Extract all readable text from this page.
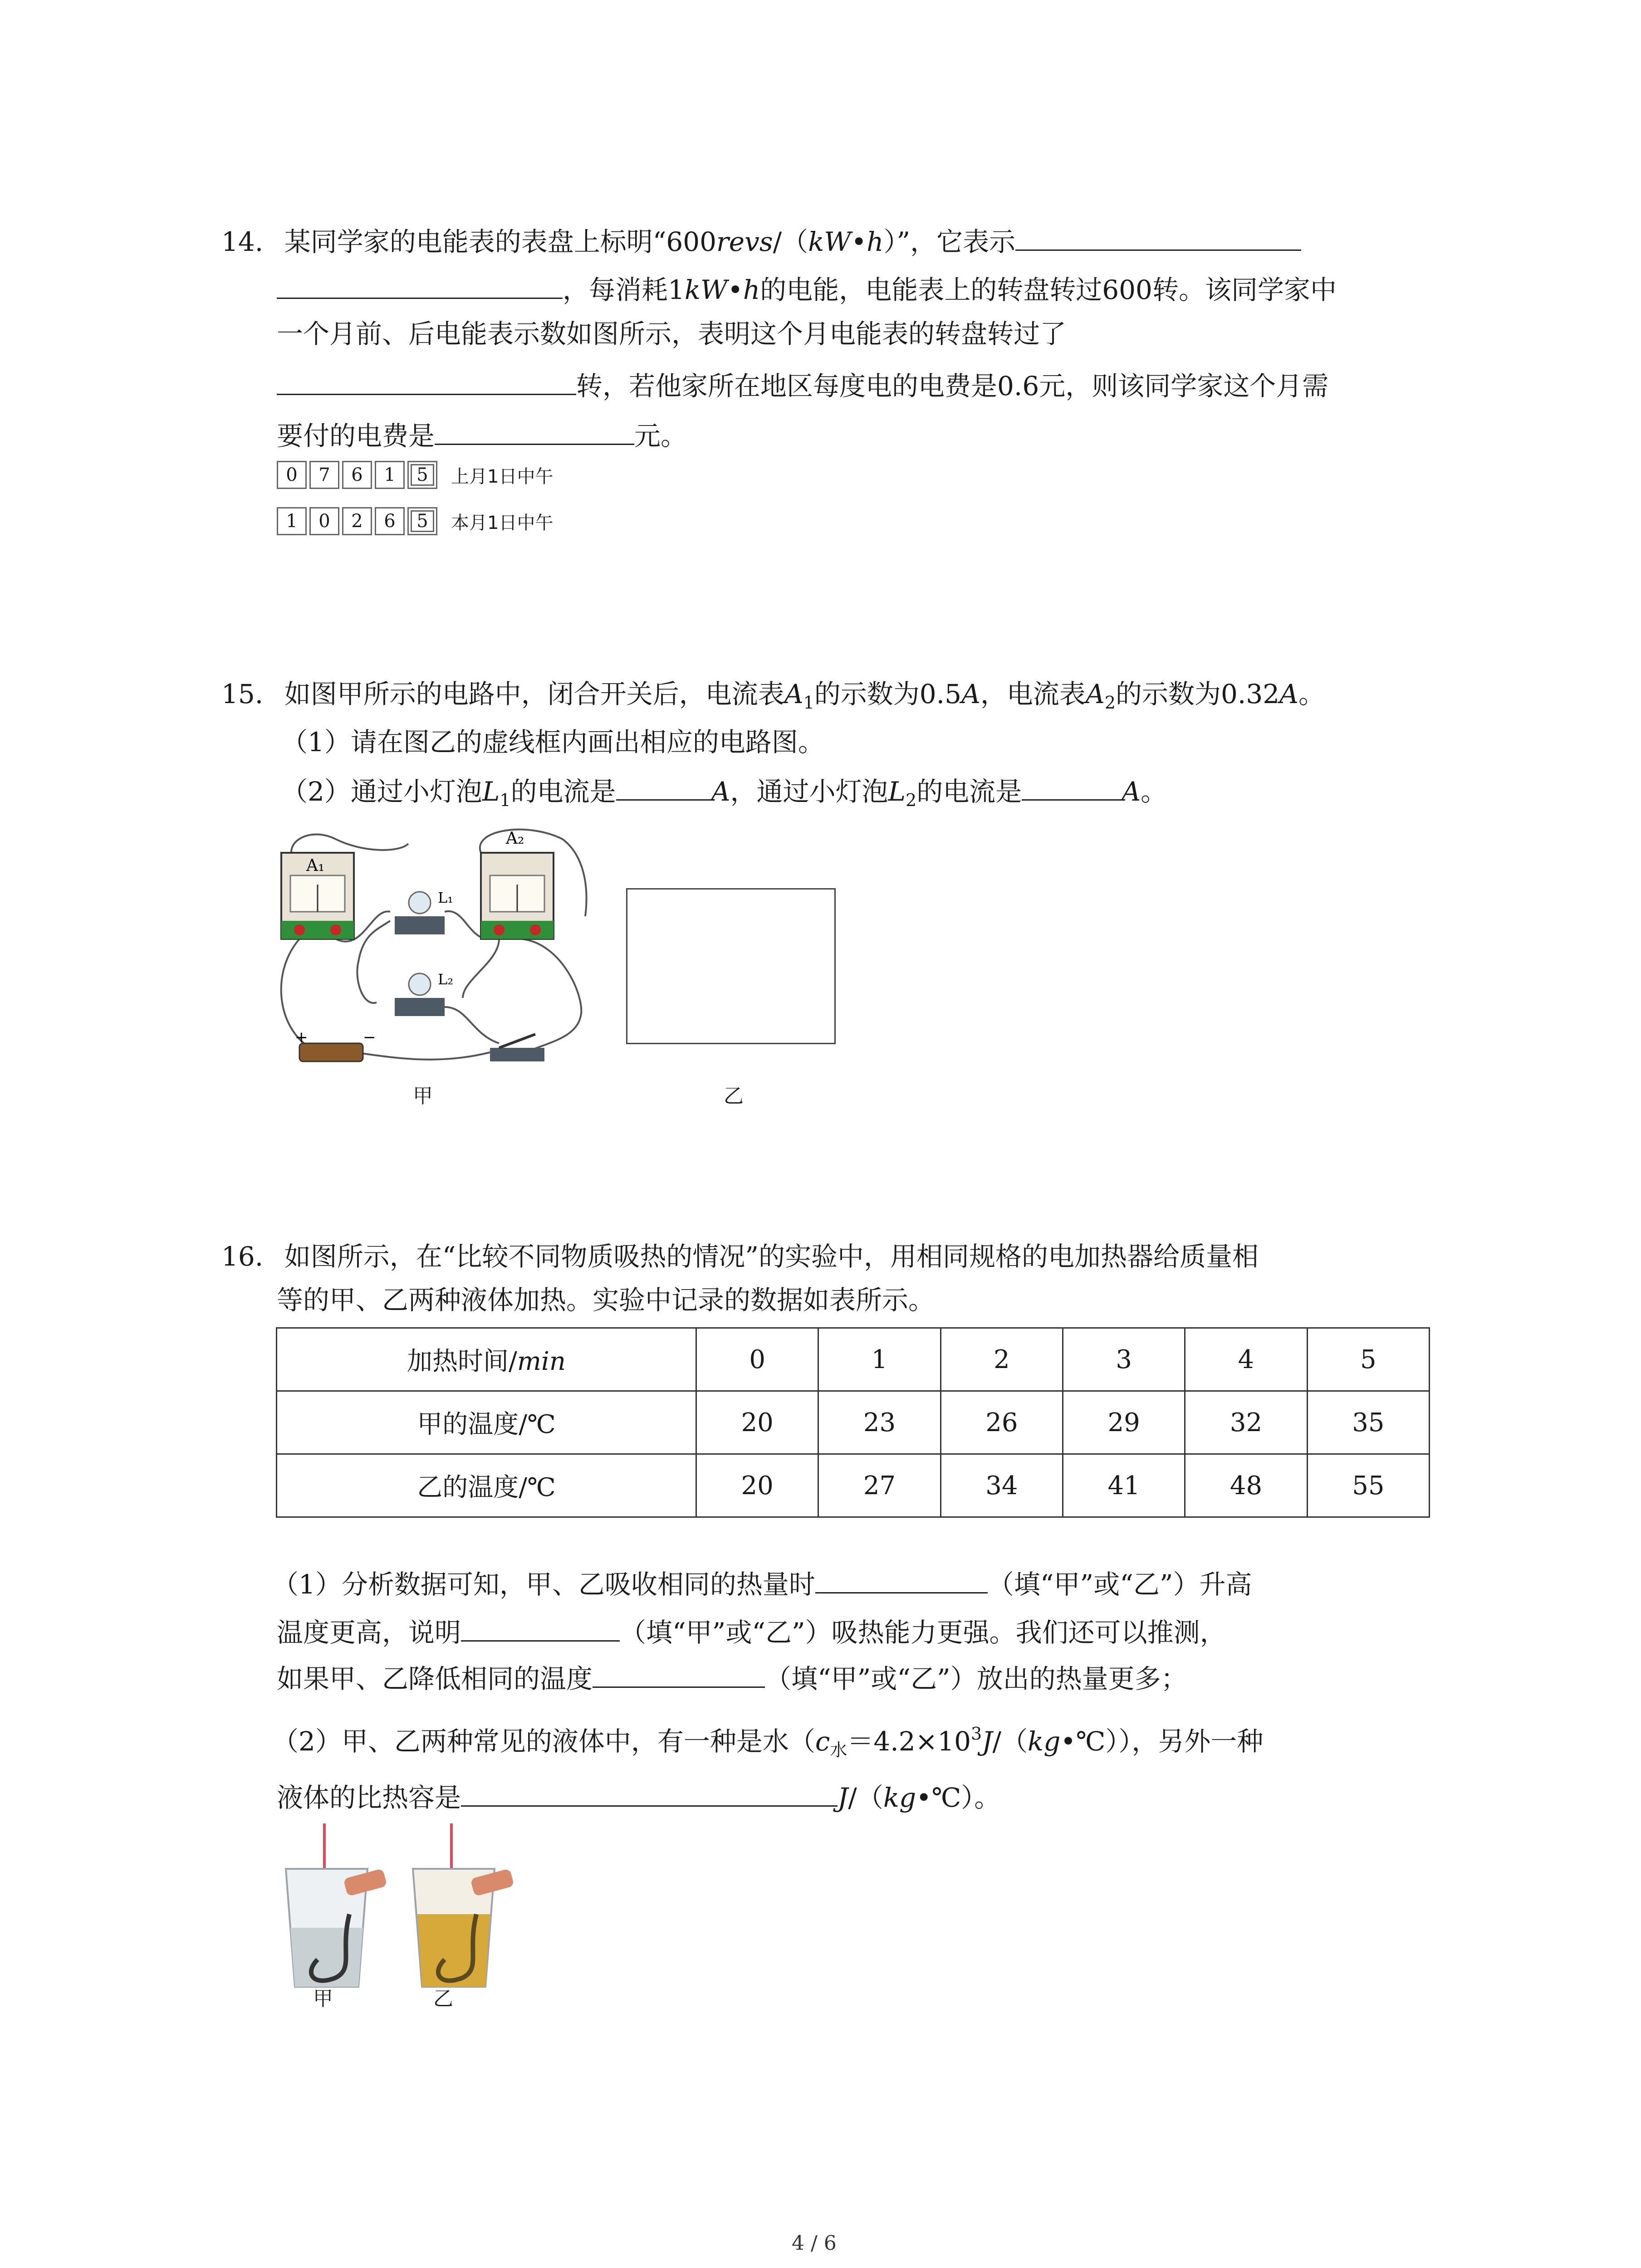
14. 某同学家的电能表的表盘上标明“600revs/（kW•h）”，它表示
，每消耗1kW•h的电能，电能表上的转盘转过600转。该同学家中
一个月前、后电能表示数如图所示，表明这个月电能表的转盘转过了
转，若他家所在地区每度电的电费是0.6元，则该同学家这个月需
要付的电费是	元。
0	7	6	1	5	上月1日中午
1	0	2	6	5	本月1日中午
15. 如图甲所示的电路中，闭合开关后，电流表$A_1$的示数为0.5A，电流表$A_2$的示数为0.32A。
（1）请在图乙的虚线框内画出相应的电路图。
（2）通过小灯泡$L_1$的电流是	A，通过小灯泡$L_2$的电流是	A。
A₁
A₂
L₁
L₂
+	−
甲	乙
16. 如图所示，在“比较不同物质吸热的情况”的实验中，用相同规格的电加热器给质量相
等的甲、乙两种液体加热。实验中记录的数据如表所示。
加热时间/min	0	1	2	3	4	5
甲的温度/℃	20	23	26	29	32	35
乙的温度/℃	20	27	34	41	48	55
（1）分析数据可知，甲、乙吸收相同的热量时	（填“甲”或“乙”）升高
温度更高，说明	（填“甲”或“乙”）吸热能力更强。我们还可以推测，
如果甲、乙降低相同的温度	（填“甲”或“乙”）放出的热量更多；
（2）甲、乙两种常见的液体中，有一种是水$(c_水=4.2\times 10^3J/(kg•℃))$，另外一种
液体的比热容是	J/（kg•℃）。
甲	乙
4 / 6
